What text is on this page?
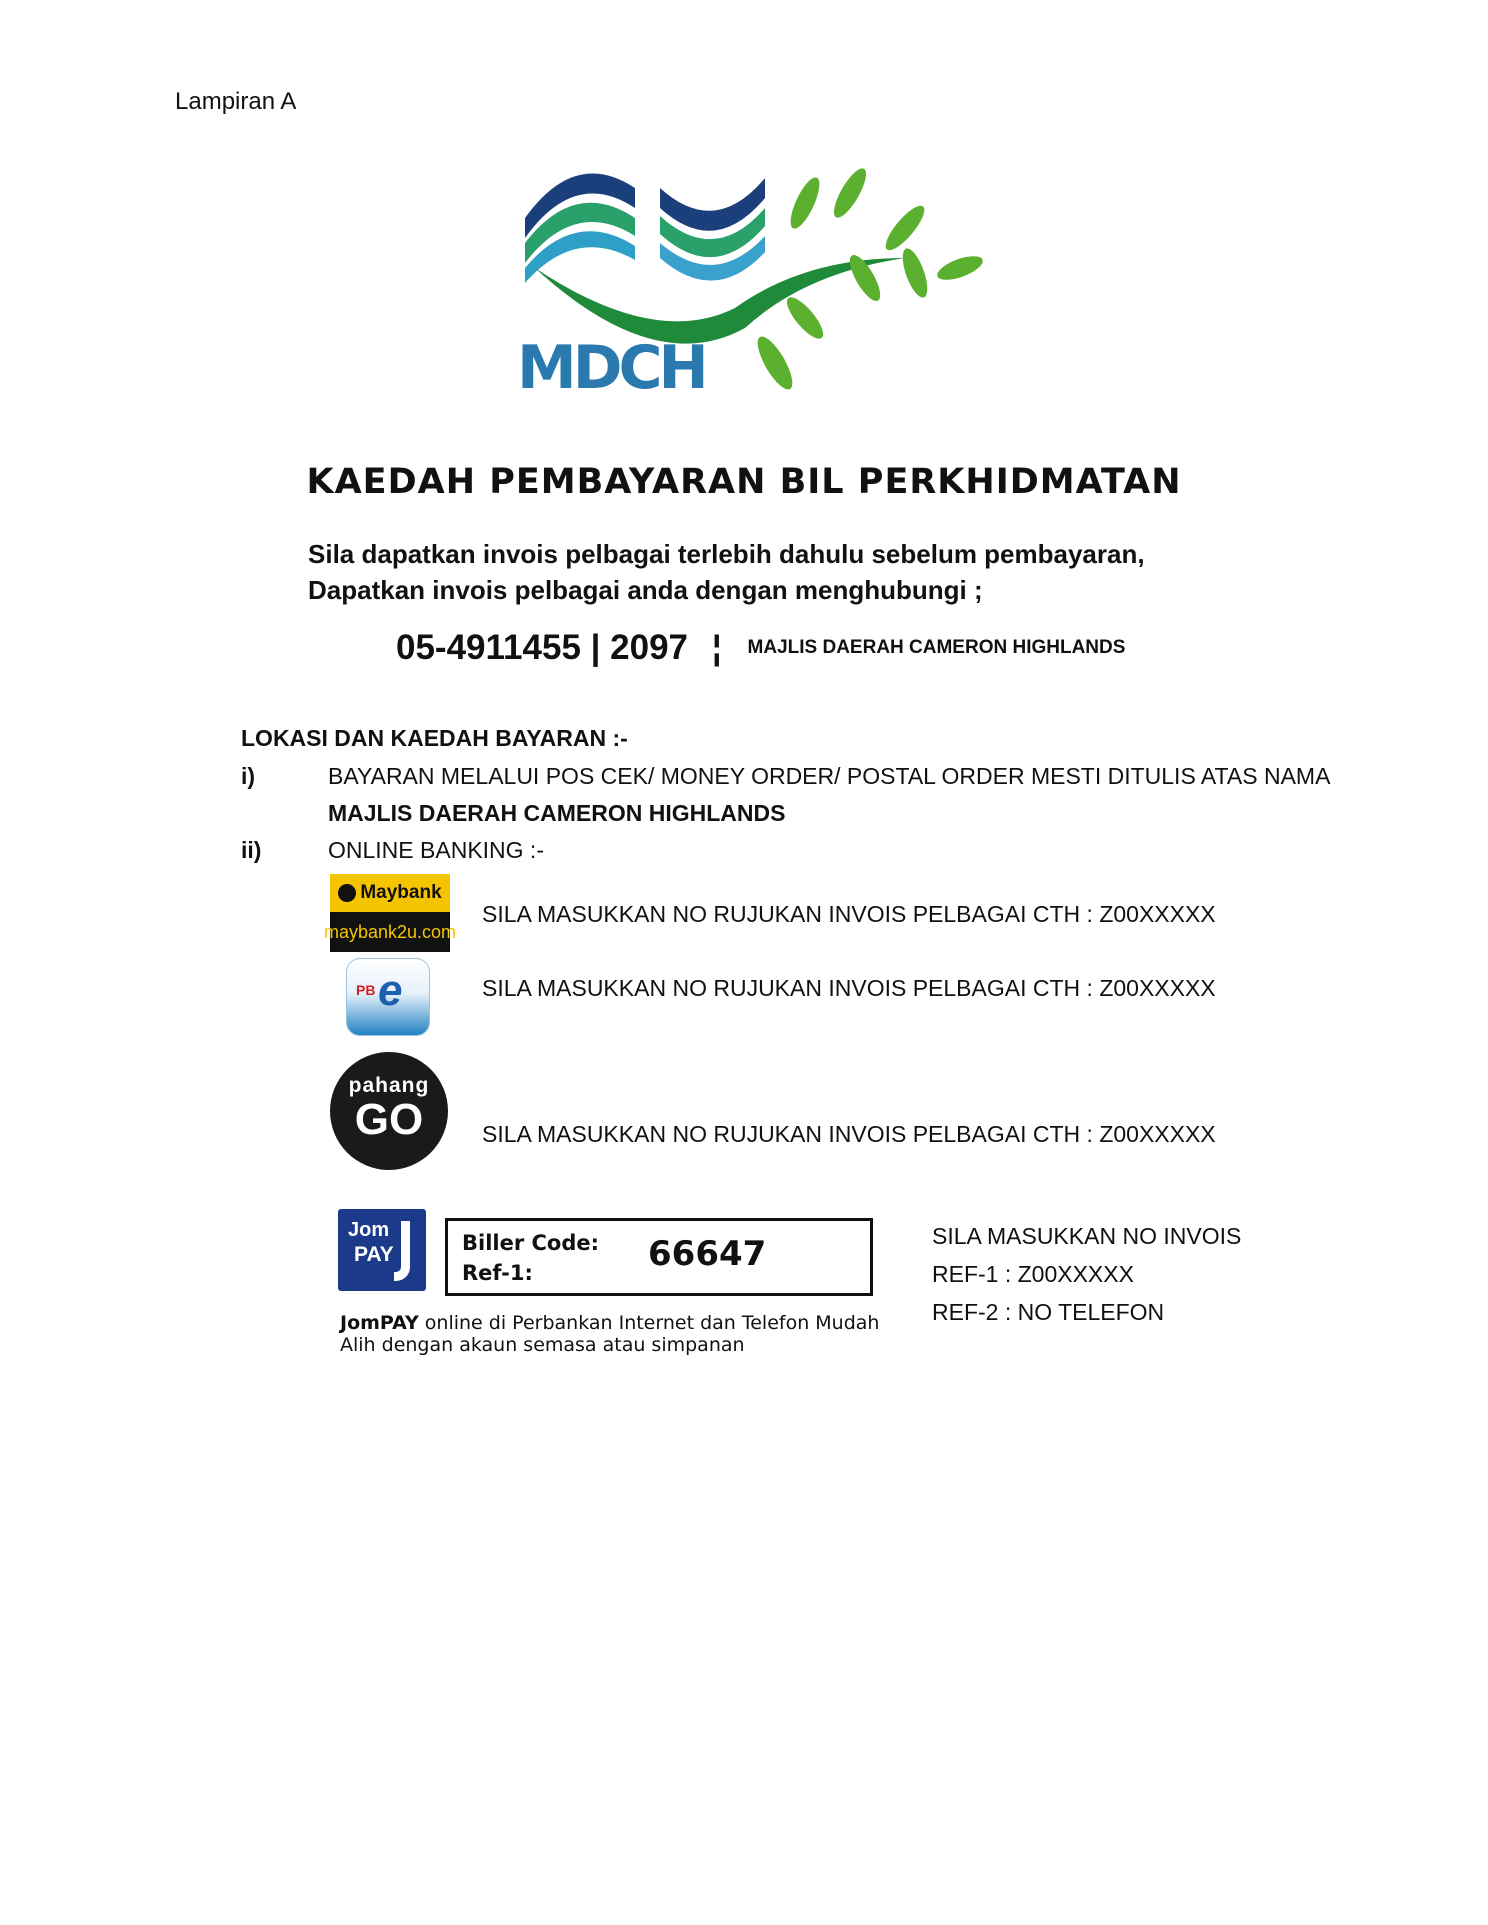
Lampiran A
MDCH
KAEDAH PEMBAYARAN BIL PERKHIDMATAN
Sila dapatkan invois pelbagai terlebih dahulu sebelum pembayaran,
Dapatkan invois pelbagai anda dengan menghubungi ;
05-4911455 | 2097 ¦ MAJLIS DAERAH CAMERON HIGHLANDS
LOKASI DAN KAEDAH BAYARAN :-
i)	BAYARAN MELALUI POS CEK/ MONEY ORDER/ POSTAL ORDER MESTI DITULIS ATAS NAMA
MAJLIS DAERAH CAMERON HIGHLANDS
ii)	ONLINE BANKING :-
Maybank
maybank2u.com
SILA MASUKKAN NO RUJUKAN INVOIS PELBAGAI CTH : Z00XXXXX
PB e	SILA MASUKKAN NO RUJUKAN INVOIS PELBAGAI CTH : Z00XXXXX
pahang
GO	SILA MASUKKAN NO RUJUKAN INVOIS PELBAGAI CTH : Z00XXXXX
Jom
PAY	Biller Code:
Ref-1:	66647
JomPAY online di Perbankan Internet dan Telefon Mudah
Alih dengan akaun semasa atau simpanan
SILA MASUKKAN NO INVOIS
REF-1 : Z00XXXXX
REF-2 : NO TELEFON
